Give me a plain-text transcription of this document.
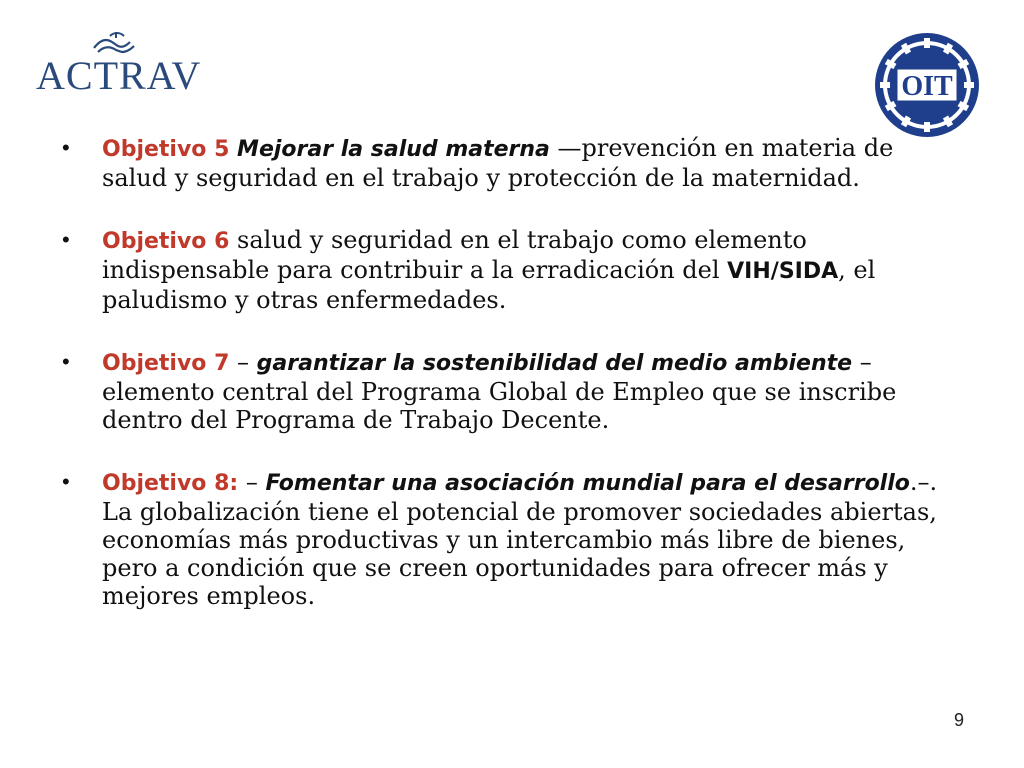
ACTRAV	OIT
• Objetivo 5 Mejorar la salud materna —prevención en materia de salud y seguridad en el trabajo y protección de la maternidad.
• Objetivo 6 salud y seguridad en el trabajo como elemento indispensable para contribuir a la erradicación del VIH/SIDA, el paludismo y otras enfermedades.
• Objetivo 7 – garantizar la sostenibilidad del medio ambiente –elemento central del Programa Global de Empleo que se inscribe dentro del Programa de Trabajo Decente.
• Objetivo 8: – Fomentar una asociación mundial para el desarrollo.–. La globalización tiene el potencial de promover sociedades abiertas, economías más productivas y un intercambio más libre de bienes, pero a condición que se creen oportunidades para ofrecer más y mejores empleos.
9
